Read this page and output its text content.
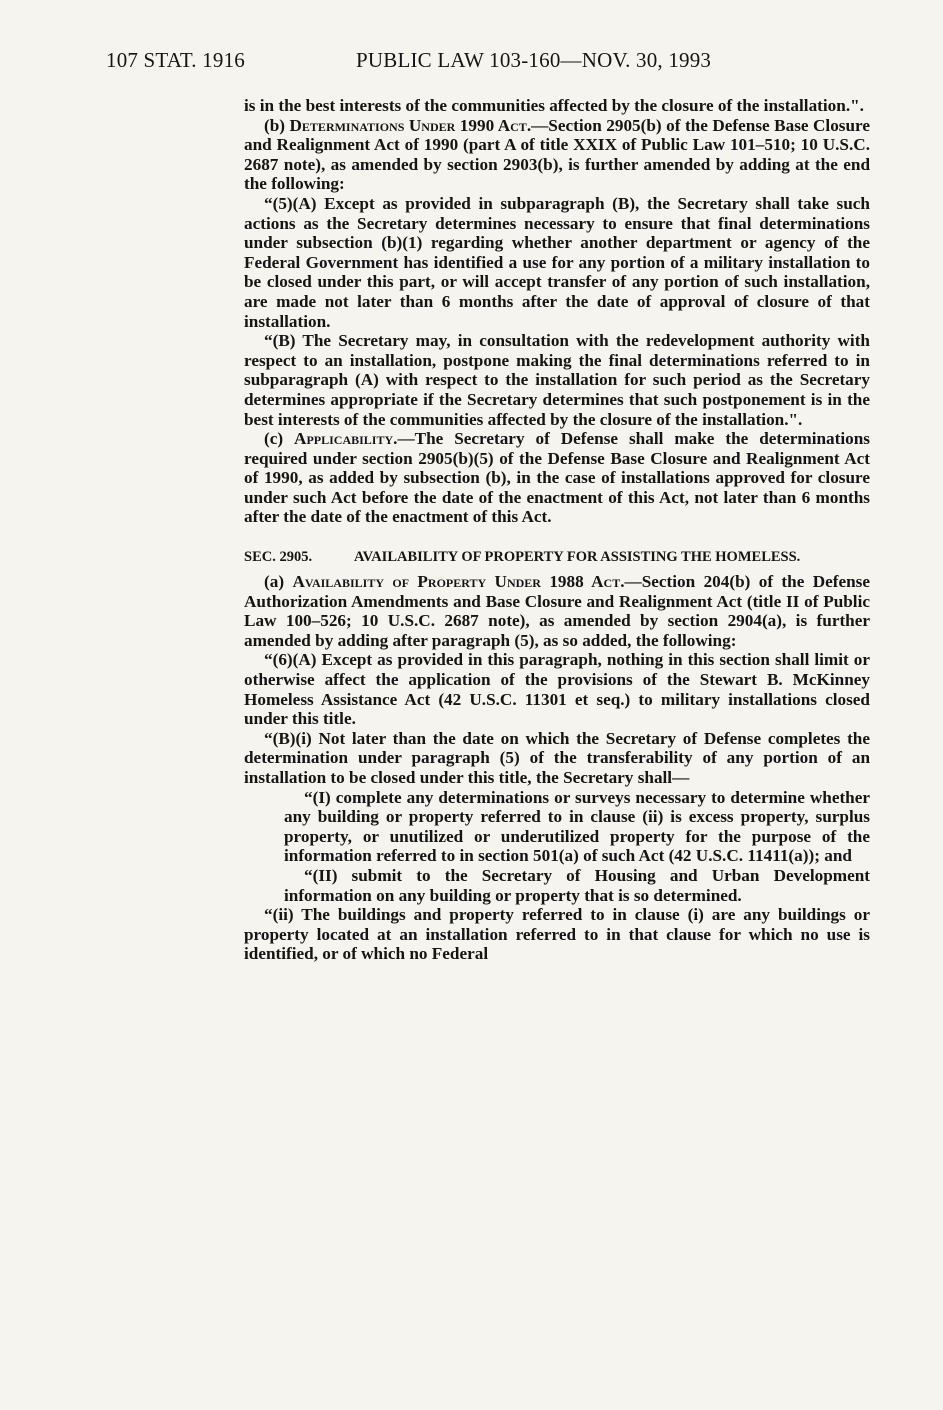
107 STAT. 1916	PUBLIC LAW 103-160—NOV. 30, 1993

is in the best interests of the communities affected by the closure of the installation.".

(b) Determinations Under 1990 Act.—Section 2905(b) of the Defense Base Closure and Realignment Act of 1990 (part A of title XXIX of Public Law 101–510; 10 U.S.C. 2687 note), as amended by section 2903(b), is further amended by adding at the end the following:

“(5)(A) Except as provided in subparagraph (B), the Secretary shall take such actions as the Secretary determines necessary to ensure that final determinations under subsection (b)(1) regarding whether another department or agency of the Federal Government has identified a use for any portion of a military installation to be closed under this part, or will accept transfer of any portion of such installation, are made not later than 6 months after the date of approval of closure of that installation.

“(B) The Secretary may, in consultation with the redevelopment authority with respect to an installation, postpone making the final determinations referred to in subparagraph (A) with respect to the installation for such period as the Secretary determines appropriate if the Secretary determines that such postponement is in the best interests of the communities affected by the closure of the installation.".

(c) Applicability.—The Secretary of Defense shall make the determinations required under section 2905(b)(5) of the Defense Base Closure and Realignment Act of 1990, as added by subsection (b), in the case of installations approved for closure under such Act before the date of the enactment of this Act, not later than 6 months after the date of the enactment of this Act.

SEC. 2905.	AVAILABILITY OF PROPERTY FOR ASSISTING THE HOMELESS.

(a) Availability of Property Under 1988 Act.—Section 204(b) of the Defense Authorization Amendments and Base Closure and Realignment Act (title II of Public Law 100–526; 10 U.S.C. 2687 note), as amended by section 2904(a), is further amended by adding after paragraph (5), as so added, the following:

“(6)(A) Except as provided in this paragraph, nothing in this section shall limit or otherwise affect the application of the provisions of the Stewart B. McKinney Homeless Assistance Act (42 U.S.C. 11301 et seq.) to military installations closed under this title.

“(B)(i) Not later than the date on which the Secretary of Defense completes the determination under paragraph (5) of the transferability of any portion of an installation to be closed under this title, the Secretary shall—

“(I) complete any determinations or surveys necessary to determine whether any building or property referred to in clause (ii) is excess property, surplus property, or unutilized or underutilized property for the purpose of the information referred to in section 501(a) of such Act (42 U.S.C. 11411(a)); and

“(II) submit to the Secretary of Housing and Urban Development information on any building or property that is so determined.

“(ii) The buildings and property referred to in clause (i) are any buildings or property located at an installation referred to in that clause for which no use is identified, or of which no Federal
